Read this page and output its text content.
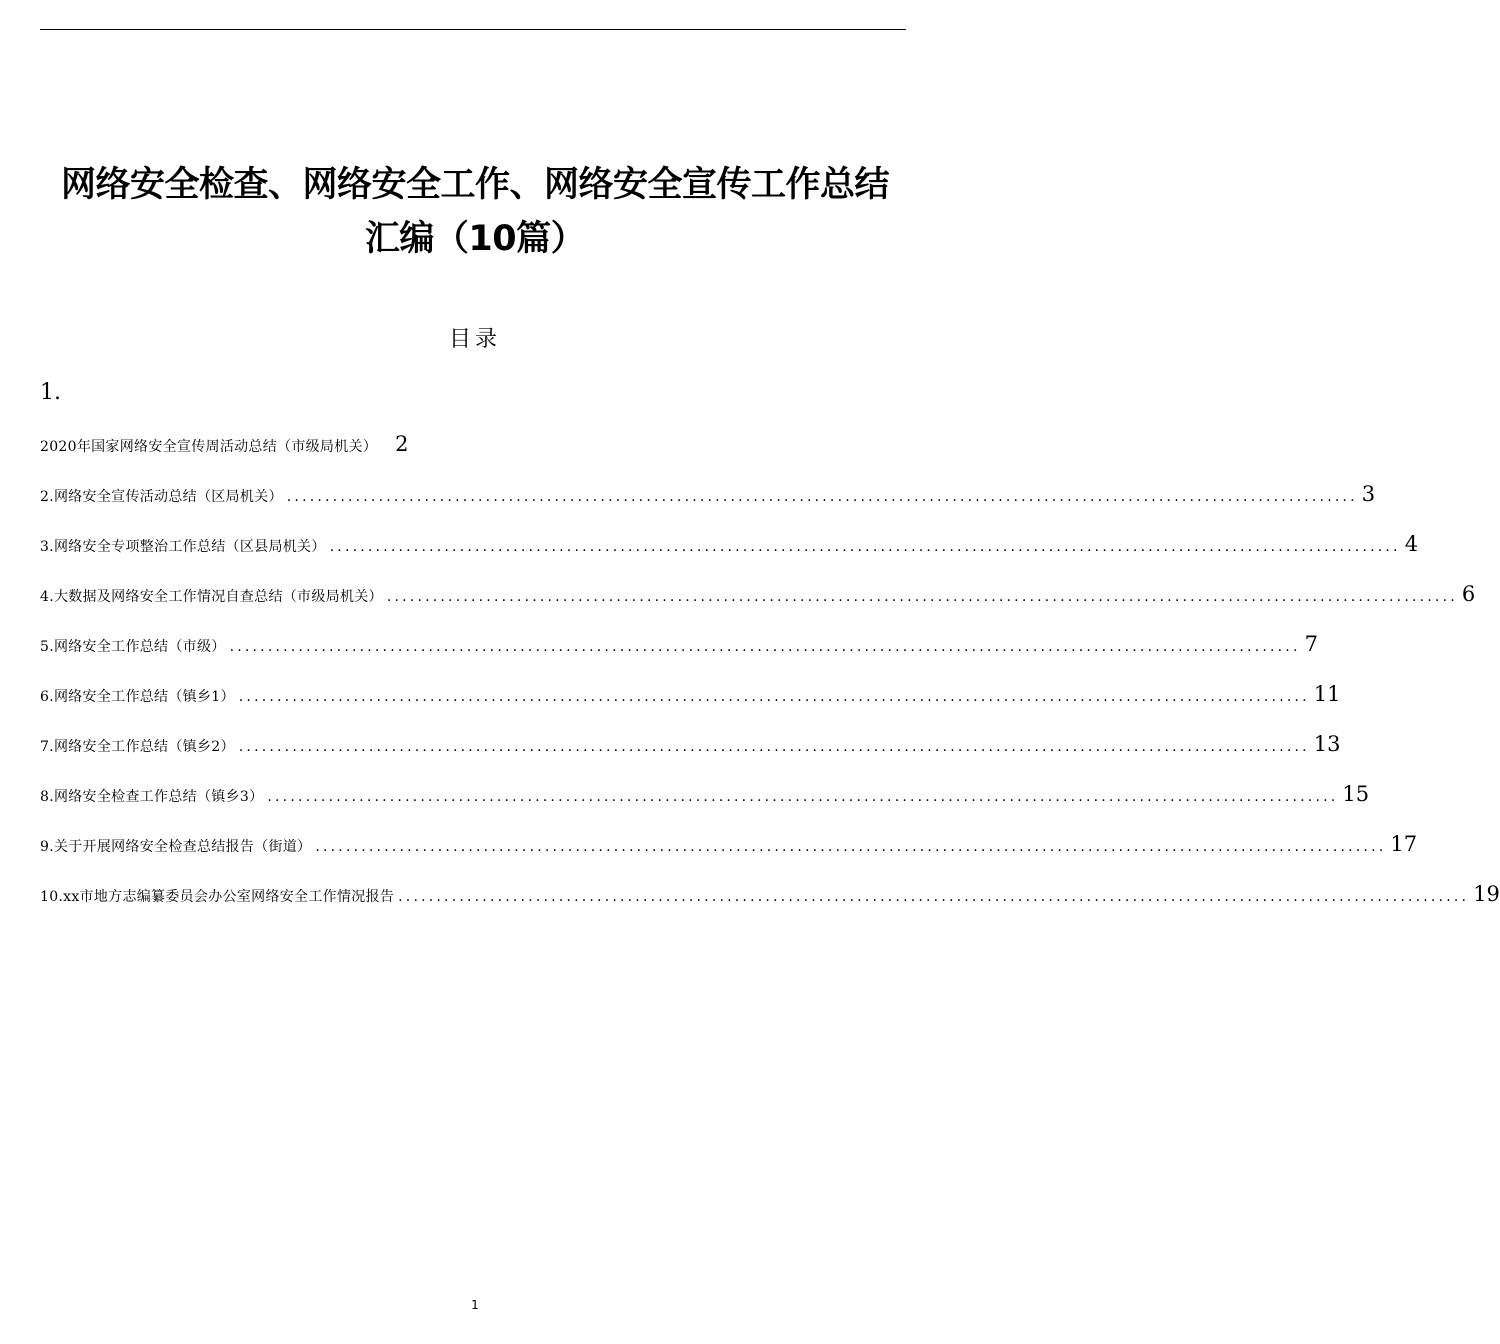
网络安全检查、网络安全工作、网络安全宣传工作总结
汇编（10篇）
目录
1.
2020年国家网络安全宣传周活动总结（市级局机关） 2
2.网络安全宣传活动总结（区局机关） ............................................................................................................................................ 3
3.网络安全专项整治工作总结（区县局机关） ............................................................................................................................................ 4
4.大数据及网络安全工作情况自查总结（市级局机关） ............................................................................................................................................ 6
5.网络安全工作总结（市级） ............................................................................................................................................ 7
6.网络安全工作总结（镇乡1） ............................................................................................................................................ 11
7.网络安全工作总结（镇乡2） ............................................................................................................................................ 13
8.网络安全检查工作总结（镇乡3） ............................................................................................................................................ 15
9.关于开展网络安全检查总结报告（街道） ............................................................................................................................................ 17
10.xx市地方志编纂委员会办公室网络安全工作情况报告 ............................................................................................................................................ 19
1
